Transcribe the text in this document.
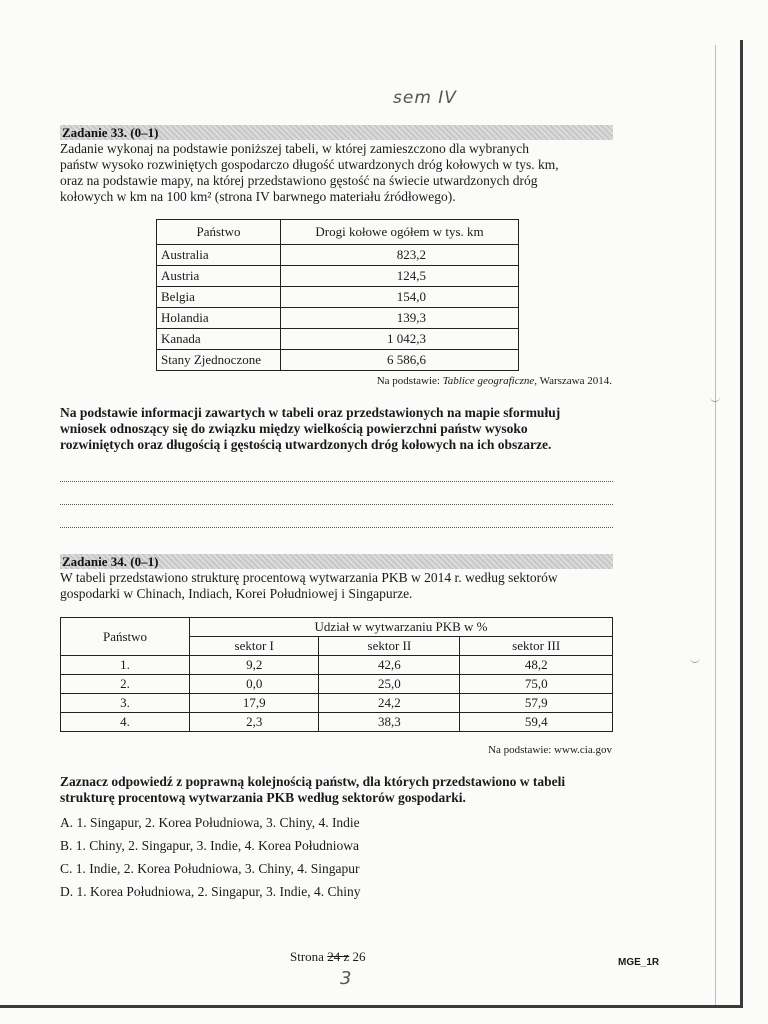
sem IV
Zadanie 33. (0–1)
Zadanie wykonaj na podstawie poniższej tabeli, w której zamieszczono dla wybranych
państw wysoko rozwiniętych gospodarczo długość utwardzonych dróg kołowych w tys. km,
oraz na podstawie mapy, na której przedstawiono gęstość na świecie utwardzonych dróg
kołowych w km na 100 km² (strona IV barwnego materiału źródłowego).
Państwo	Drogi kołowe ogółem w tys. km
Australia	823,2
Austria	124,5
Belgia	154,0
Holandia	139,3
Kanada	1 042,3
Stany Zjednoczone	6 586,6
Na podstawie: Tablice geograficzne, Warszawa 2014.
Na podstawie informacji zawartych w tabeli oraz przedstawionych na mapie sformułuj
wniosek odnoszący się do związku między wielkością powierzchni państw wysoko
rozwiniętych oraz długością i gęstością utwardzonych dróg kołowych na ich obszarze.
Zadanie 34. (0–1)
W tabeli przedstawiono strukturę procentową wytwarzania PKB w 2014 r. według sektorów
gospodarki w Chinach, Indiach, Korei Południowej i Singapurze.
Państwo	Udział w wytwarzaniu PKB w %		
	sektor I	sektor II	sektor III
1.	9,2	42,6	48,2
2.	0,0	25,0	75,0
3.	17,9	24,2	57,9
4.	2,3	38,3	59,4
Na podstawie: www.cia.gov
Zaznacz odpowiedź z poprawną kolejnością państw, dla których przedstawiono w tabeli
strukturę procentową wytwarzania PKB według sektorów gospodarki.
A. 1. Singapur, 2. Korea Południowa, 3. Chiny, 4. Indie
B. 1. Chiny, 2. Singapur, 3. Indie, 4. Korea Południowa
C. 1. Indie, 2. Korea Południowa, 3. Chiny, 4. Singapur
D. 1. Korea Południowa, 2. Singapur, 3. Indie, 4. Chiny
Strona 24 z 26
3
MGE_1R
